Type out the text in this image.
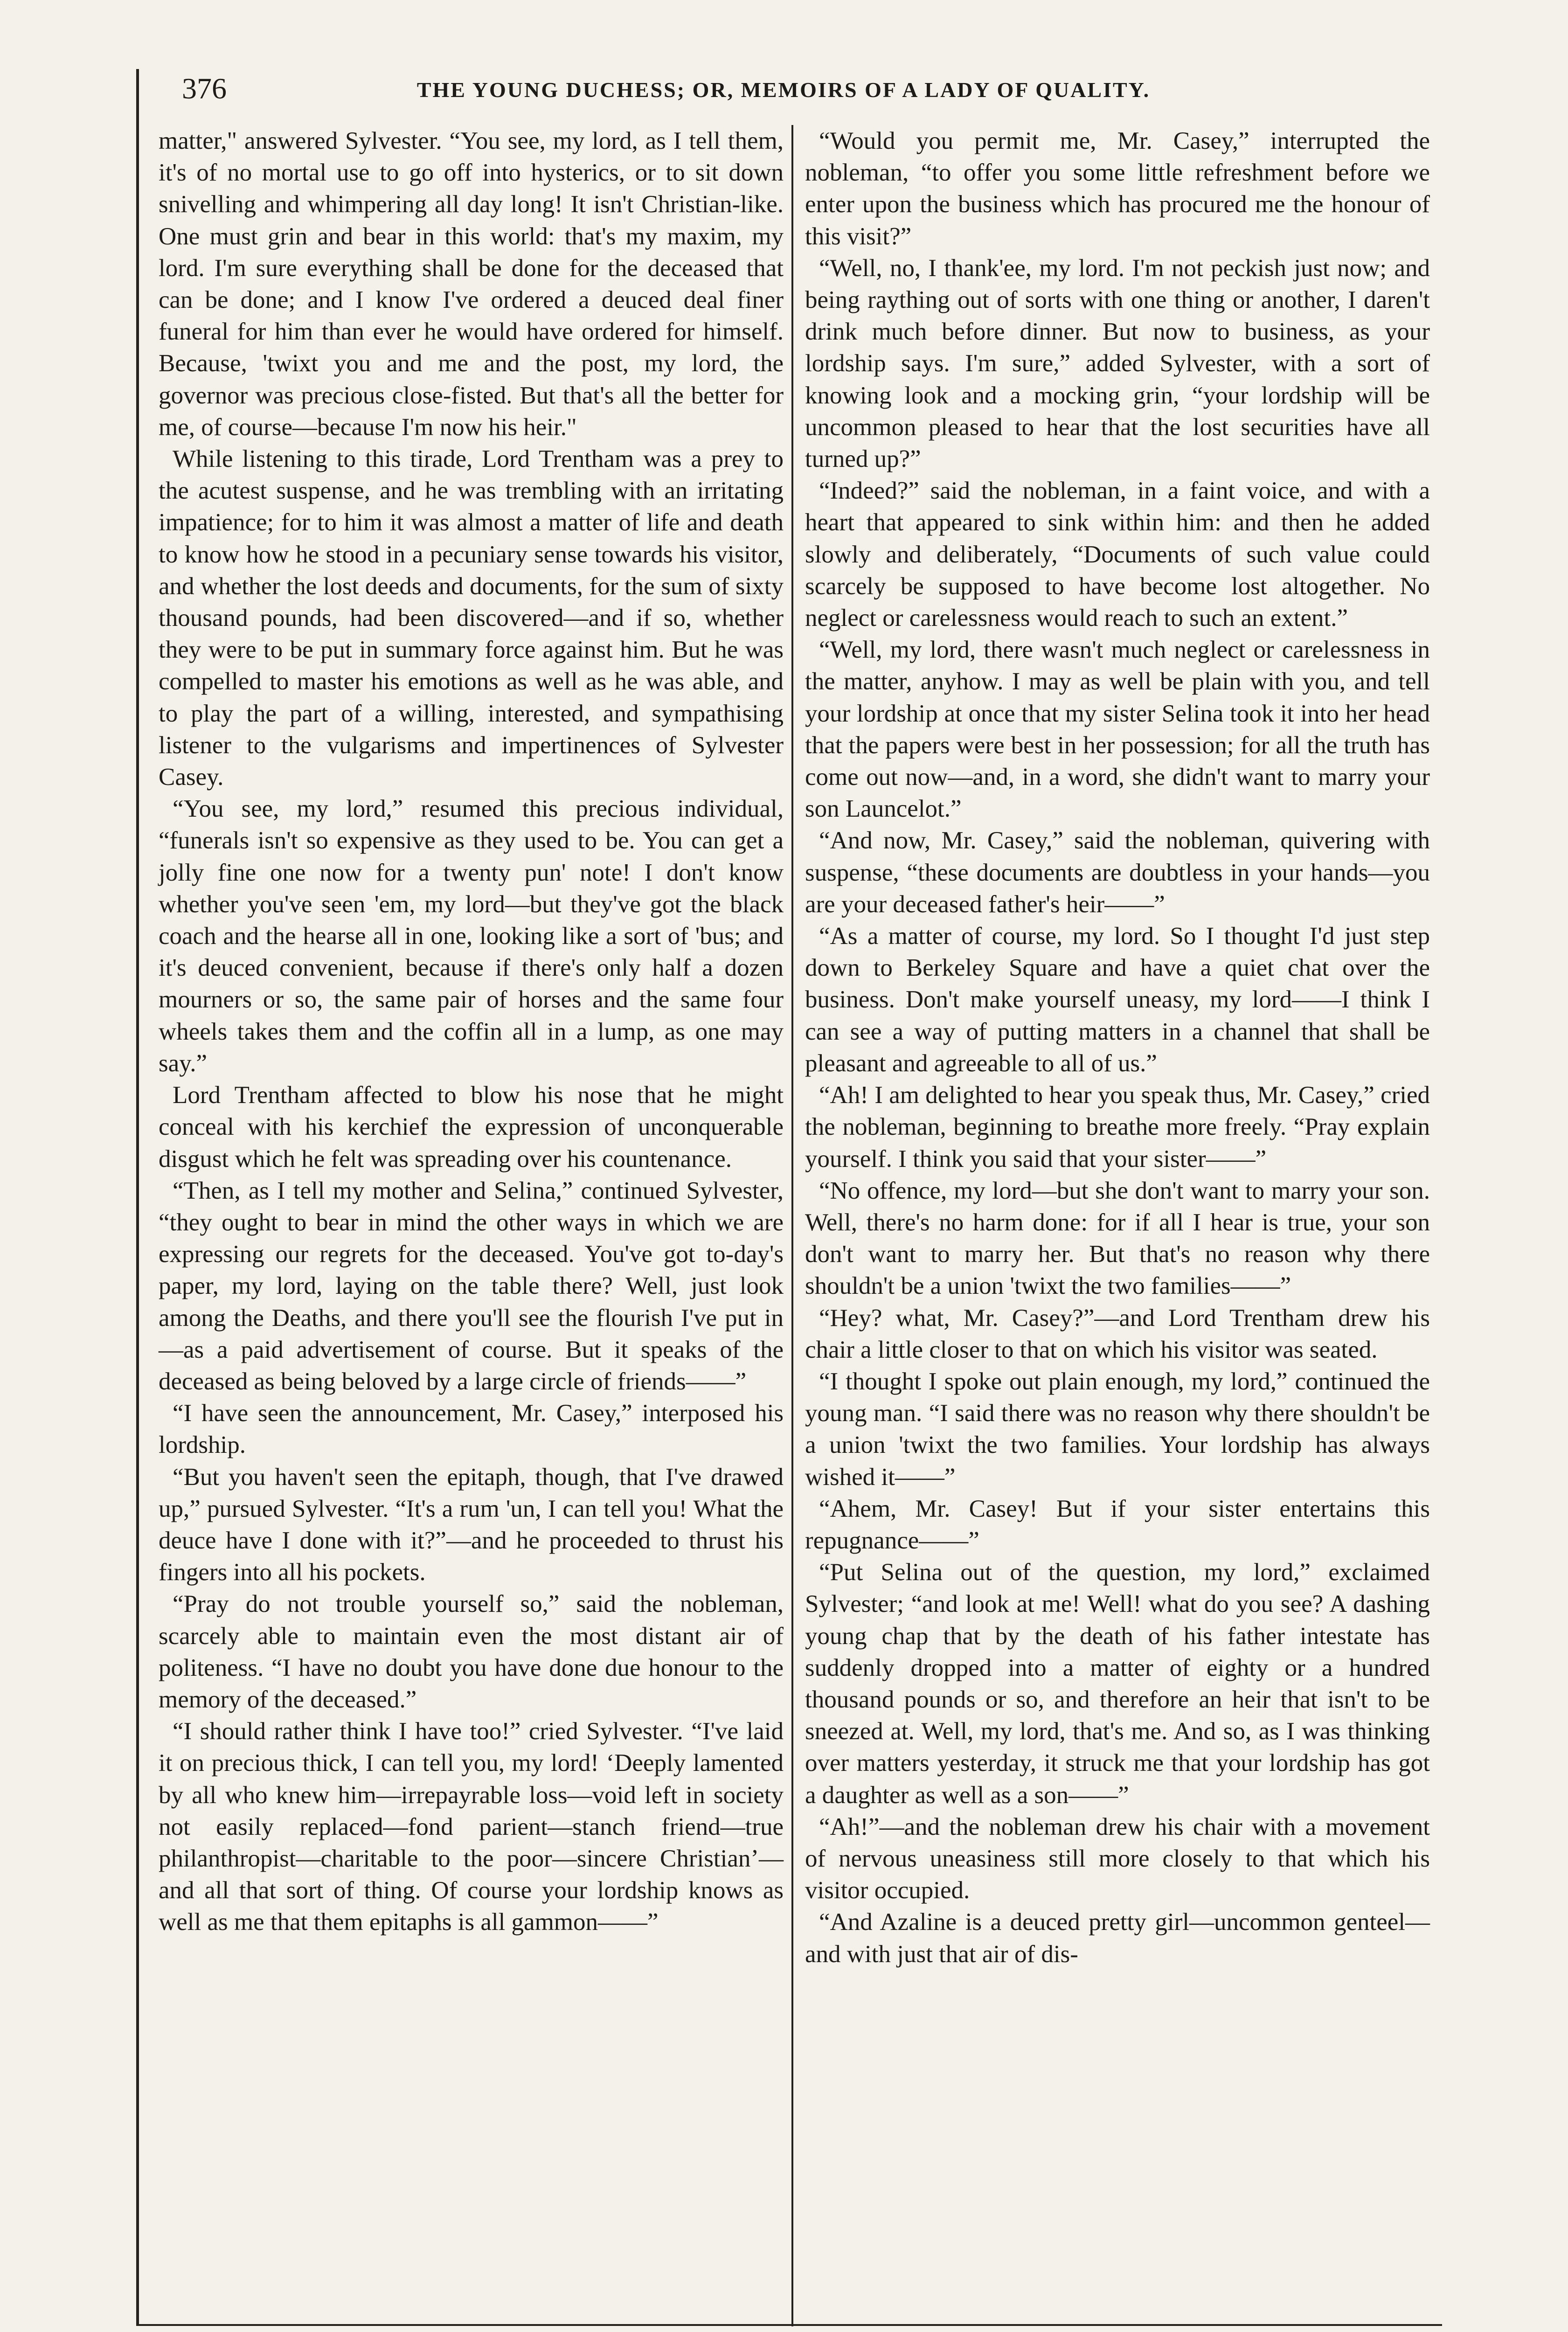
376	THE YOUNG DUCHESS; OR, MEMOIRS OF A LADY OF QUALITY.

matter," answered Sylvester. “You see, my lord, as I tell them, it's of no mortal use to go off into hysterics, or to sit down snivelling and whimpering all day long! It isn't Christian-like. One must grin and bear in this world: that's my maxim, my lord. I'm sure everything shall be done for the deceased that can be done; and I know I've ordered a deuced deal finer funeral for him than ever he would have ordered for himself. Because, 'twixt you and me and the post, my lord, the governor was precious close-fisted. But that's all the better for me, of course—because I'm now his heir."

While listening to this tirade, Lord Trentham was a prey to the acutest suspense, and he was trembling with an irritating impatience; for to him it was almost a matter of life and death to know how he stood in a pecuniary sense towards his visitor, and whether the lost deeds and documents, for the sum of sixty thousand pounds, had been discovered—and if so, whether they were to be put in summary force against him. But he was compelled to master his emotions as well as he was able, and to play the part of a willing, interested, and sympathising listener to the vulgarisms and impertinences of Sylvester Casey.

“You see, my lord,” resumed this precious individual, “funerals isn't so expensive as they used to be. You can get a jolly fine one now for a twenty pun' note! I don't know whether you've seen 'em, my lord—but they've got the black coach and the hearse all in one, looking like a sort of 'bus; and it's deuced convenient, because if there's only half a dozen mourners or so, the same pair of horses and the same four wheels takes them and the coffin all in a lump, as one may say.”

Lord Trentham affected to blow his nose that he might conceal with his kerchief the expression of unconquerable disgust which he felt was spreading over his countenance.

“Then, as I tell my mother and Selina,” continued Sylvester, “they ought to bear in mind the other ways in which we are expressing our regrets for the deceased. You've got to-day's paper, my lord, laying on the table there? Well, just look among the Deaths, and there you'll see the flourish I've put in—as a paid advertisement of course. But it speaks of the deceased as being beloved by a large circle of friends——”

“I have seen the announcement, Mr. Casey,” interposed his lordship.

“But you haven't seen the epitaph, though, that I've drawed up,” pursued Sylvester. “It's a rum 'un, I can tell you! What the deuce have I done with it?”—and he proceeded to thrust his fingers into all his pockets.

“Pray do not trouble yourself so,” said the nobleman, scarcely able to maintain even the most distant air of politeness. “I have no doubt you have done due honour to the memory of the deceased.”

“I should rather think I have too!” cried Sylvester. “I've laid it on precious thick, I can tell you, my lord! ‘Deeply lamented by all who knew him—irrepayrable loss—void left in society not easily replaced—fond parient—stanch friend—true philanthropist—charitable to the poor—sincere Christian’—and all that sort of thing. Of course your lordship knows as well as me that them epitaphs is all gammon——”

“Would you permit me, Mr. Casey,” interrupted the nobleman, “to offer you some little refreshment before we enter upon the business which has procured me the honour of this visit?”

“Well, no, I thank'ee, my lord. I'm not peckish just now; and being raything out of sorts with one thing or another, I daren't drink much before dinner. But now to business, as your lordship says. I'm sure,” added Sylvester, with a sort of knowing look and a mocking grin, “your lordship will be uncommon pleased to hear that the lost securities have all turned up?”

“Indeed?” said the nobleman, in a faint voice, and with a heart that appeared to sink within him: and then he added slowly and deliberately, “Documents of such value could scarcely be supposed to have become lost altogether. No neglect or carelessness would reach to such an extent.”

“Well, my lord, there wasn't much neglect or carelessness in the matter, anyhow. I may as well be plain with you, and tell your lordship at once that my sister Selina took it into her head that the papers were best in her possession; for all the truth has come out now—and, in a word, she didn't want to marry your son Launcelot.”

“And now, Mr. Casey,” said the nobleman, quivering with suspense, “these documents are doubtless in your hands—you are your deceased father's heir——”

“As a matter of course, my lord. So I thought I'd just step down to Berkeley Square and have a quiet chat over the business. Don't make yourself uneasy, my lord——I think I can see a way of putting matters in a channel that shall be pleasant and agreeable to all of us.”

“Ah! I am delighted to hear you speak thus, Mr. Casey,” cried the nobleman, beginning to breathe more freely. “Pray explain yourself. I think you said that your sister——”

“No offence, my lord—but she don't want to marry your son. Well, there's no harm done: for if all I hear is true, your son don't want to marry her. But that's no reason why there shouldn't be a union 'twixt the two families——”

“Hey? what, Mr. Casey?”—and Lord Trentham drew his chair a little closer to that on which his visitor was seated.

“I thought I spoke out plain enough, my lord,” continued the young man. “I said there was no reason why there shouldn't be a union 'twixt the two families. Your lordship has always wished it——”

“Ahem, Mr. Casey! But if your sister entertains this repugnance——”

“Put Selina out of the question, my lord,” exclaimed Sylvester; “and look at me! Well! what do you see? A dashing young chap that by the death of his father intestate has suddenly dropped into a matter of eighty or a hundred thousand pounds or so, and therefore an heir that isn't to be sneezed at. Well, my lord, that's me. And so, as I was thinking over matters yesterday, it struck me that your lordship has got a daughter as well as a son——”

“Ah!”—and the nobleman drew his chair with a movement of nervous uneasiness still more closely to that which his visitor occupied.

“And Azaline is a deuced pretty girl—uncommon genteel—and with just that air of dis-
